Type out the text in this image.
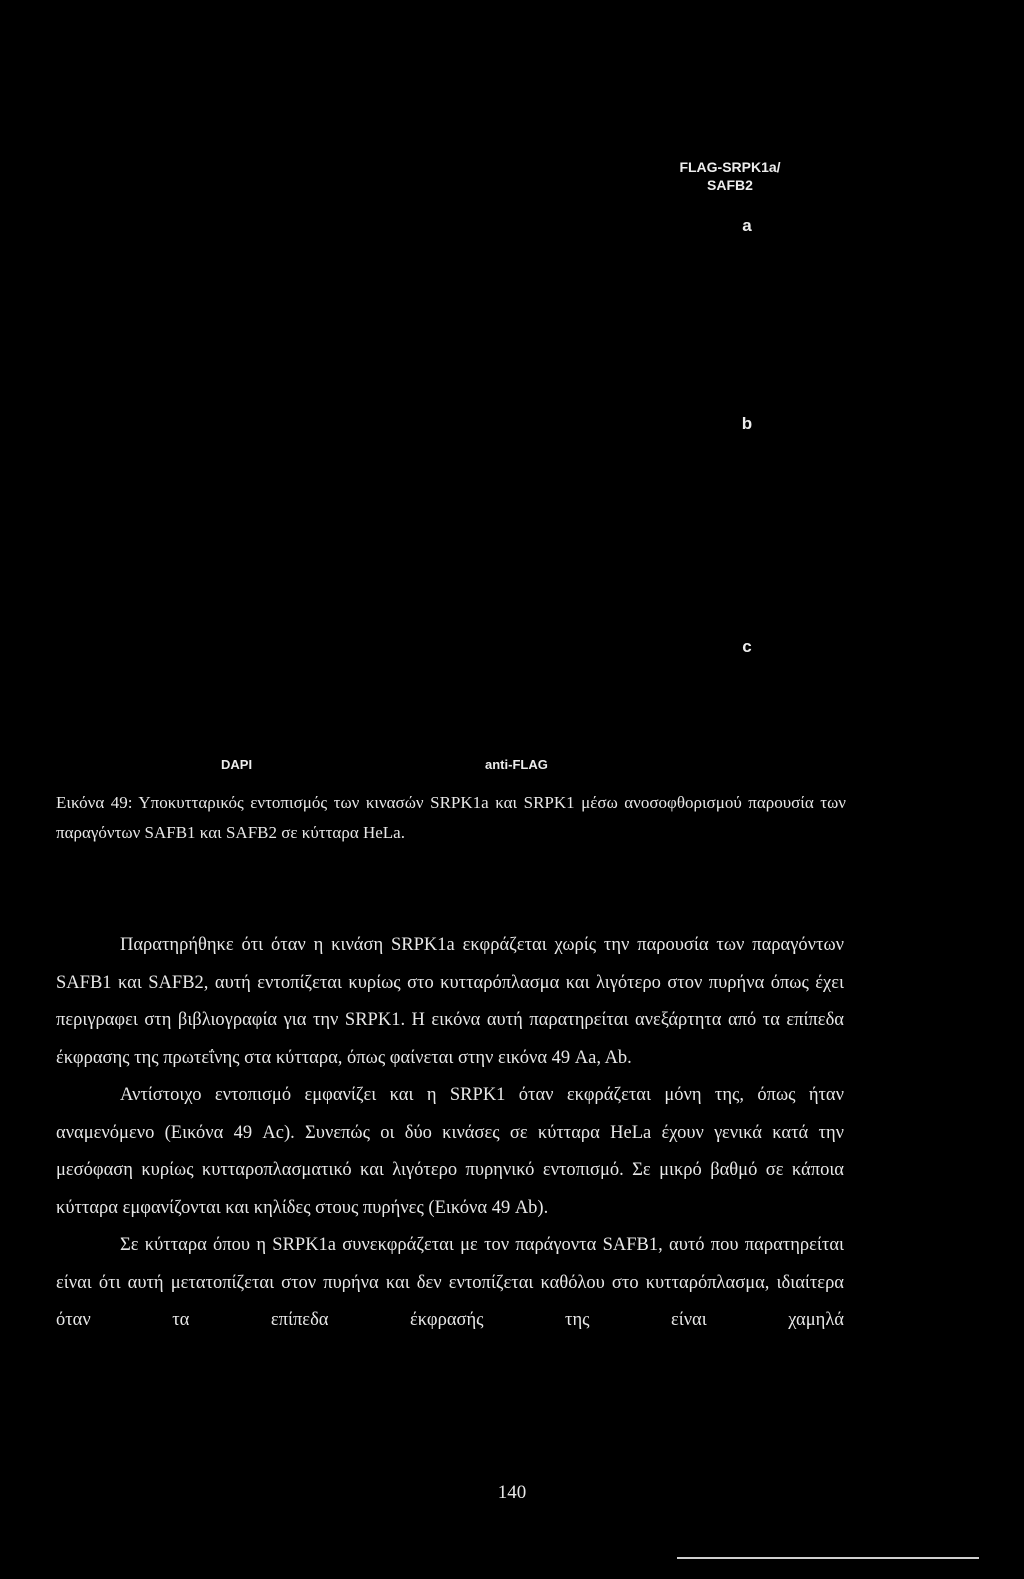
FLAG-SRPK1a/
SAFB2
a
b
c
DAPI	anti-FLAG
Εικόνα 49: Υποκυτταρικός εντοπισμός των κινασών SRPK1a και SRPK1 μέσω ανοσοφθορισμού παρουσία των παραγόντων SAFB1 και SAFB2 σε κύτταρα HeLa.

Παρατηρήθηκε ότι όταν η κινάση SRPK1a εκφράζεται χωρίς την παρουσία των παραγόντων SAFB1 και SAFB2, αυτή εντοπίζεται κυρίως στο κυτταρόπλασμα και λιγότερο στον πυρήνα όπως έχει περιγραφει στη βιβλιογραφία για την SRPK1. Η εικόνα αυτή παρατηρείται ανεξάρτητα από τα επίπεδα έκφρασης της πρωτεΐνης στα κύτταρα, όπως φαίνεται στην εικόνα 49 Aa, Ab.

Αντίστοιχο εντοπισμό εμφανίζει και η SRPK1 όταν εκφράζεται μόνη της, όπως ήταν αναμενόμενο (Εικόνα 49 Ac). Συνεπώς οι δύο κινάσες σε κύτταρα HeLa έχουν γενικά κατά την μεσόφαση κυρίως κυτταροπλασματικό και λιγότερο πυρηνικό εντοπισμό. Σε μικρό βαθμό σε κάποια κύτταρα εμφανίζονται και κηλίδες στους πυρήνες (Εικόνα 49 Ab).

Σε κύτταρα όπου η SRPK1a συνεκφράζεται με τον παράγοντα SAFB1, αυτό που παρατηρείται είναι ότι αυτή μετατοπίζεται στον πυρήνα και δεν εντοπίζεται καθόλου στο κυτταρόπλασμα, ιδιαίτερα όταν τα επίπεδα έκφρασής της είναι χαμηλά

140
